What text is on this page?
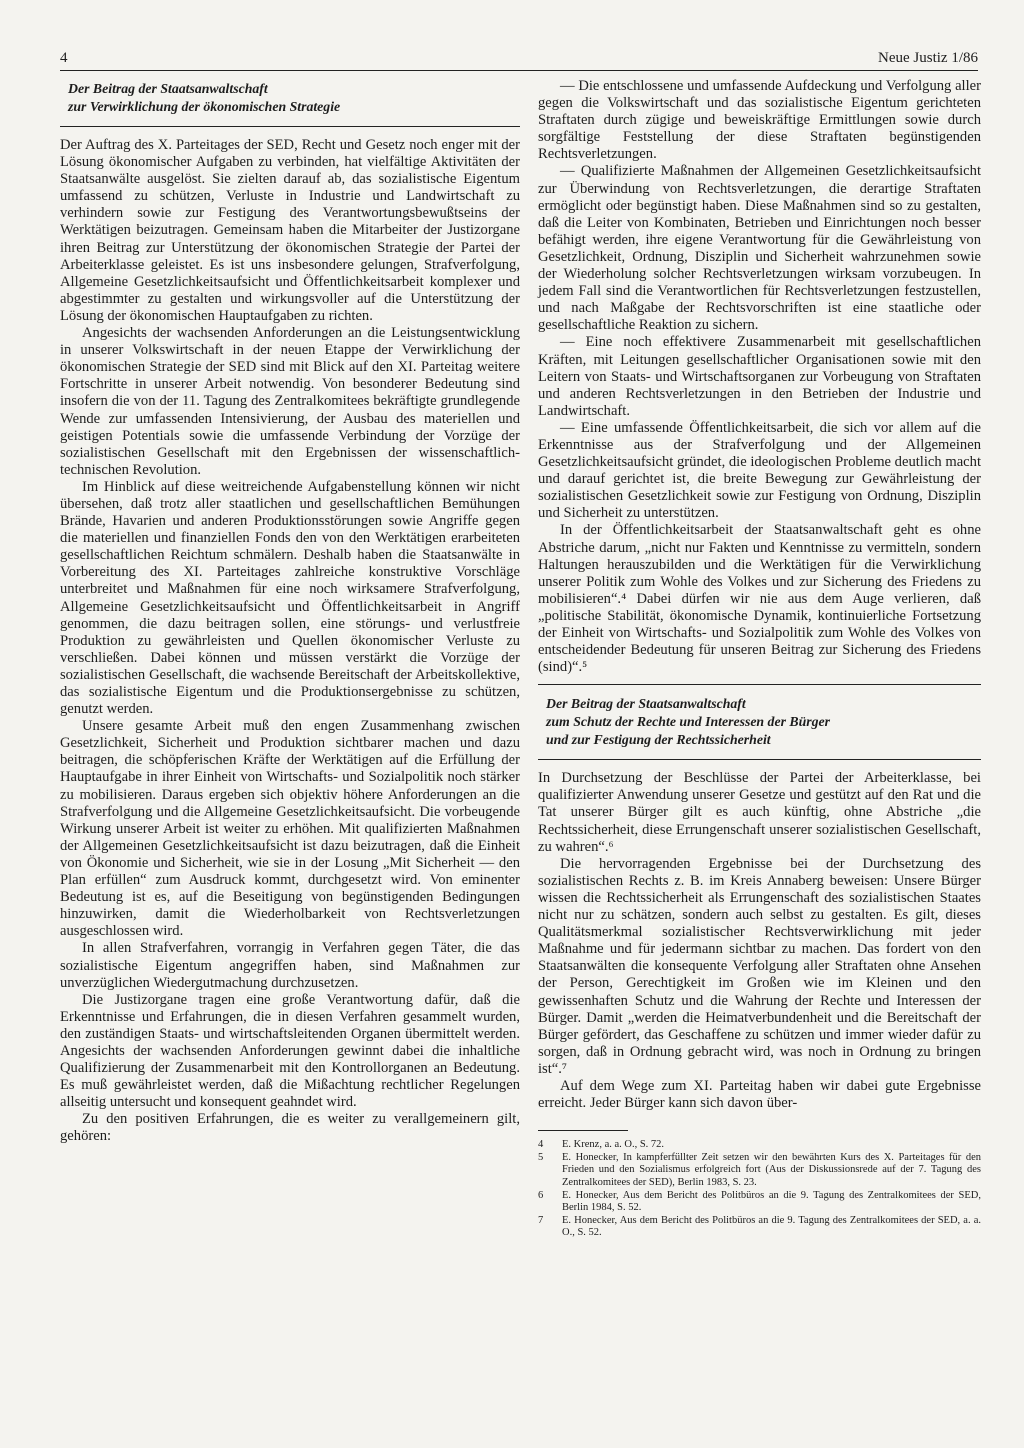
4	Neue Justiz 1/86
Der Beitrag der Staatsanwaltschaft
zur Verwirklichung der ökonomischen Strategie

Der Auftrag des X. Parteitages der SED, Recht und Gesetz noch enger mit der Lösung ökonomischer Aufgaben zu verbinden, hat vielfältige Aktivitäten der Staatsanwälte ausgelöst. Sie zielten darauf ab, das sozialistische Eigentum umfassend zu schützen, Verluste in Industrie und Landwirtschaft zu verhindern sowie zur Festigung des Verantwortungsbewußtseins der Werktätigen beizutragen. Gemeinsam haben die Mitarbeiter der Justizorgane ihren Beitrag zur Unterstützung der ökonomischen Strategie der Partei der Arbeiterklasse geleistet. Es ist uns insbesondere gelungen, Strafverfolgung, Allgemeine Gesetzlichkeitsaufsicht und Öffentlichkeitsarbeit komplexer und abgestimmter zu gestalten und wirkungsvoller auf die Unterstützung der Lösung der ökonomischen Hauptaufgaben zu richten.

Angesichts der wachsenden Anforderungen an die Leistungsentwicklung in unserer Volkswirtschaft in der neuen Etappe der Verwirklichung der ökonomischen Strategie der SED sind mit Blick auf den XI. Parteitag weitere Fortschritte in unserer Arbeit notwendig. Von besonderer Bedeutung sind insofern die von der 11. Tagung des Zentralkomitees bekräftigte grundlegende Wende zur umfassenden Intensivierung, der Ausbau des materiellen und geistigen Potentials sowie die umfassende Verbindung der Vorzüge der sozialistischen Gesellschaft mit den Ergebnissen der wissenschaftlich-technischen Revolution.

Im Hinblick auf diese weitreichende Aufgabenstellung können wir nicht übersehen, daß trotz aller staatlichen und gesellschaftlichen Bemühungen Brände, Havarien und anderen Produktionsstörungen sowie Angriffe gegen die materiellen und finanziellen Fonds den von den Werktätigen erarbeiteten gesellschaftlichen Reichtum schmälern. Deshalb haben die Staatsanwälte in Vorbereitung des XI. Parteitages zahlreiche konstruktive Vorschläge unterbreitet und Maßnahmen für eine noch wirksamere Strafverfolgung, Allgemeine Gesetzlichkeitsaufsicht und Öffentlichkeitsarbeit in Angriff genommen, die dazu beitragen sollen, eine störungs- und verlustfreie Produktion zu gewährleisten und Quellen ökonomischer Verluste zu verschließen. Dabei können und müssen verstärkt die Vorzüge der sozialistischen Gesellschaft, die wachsende Bereitschaft der Arbeitskollektive, das sozialistische Eigentum und die Produktionsergebnisse zu schützen, genutzt werden.

Unsere gesamte Arbeit muß den engen Zusammenhang zwischen Gesetzlichkeit, Sicherheit und Produktion sichtbarer machen und dazu beitragen, die schöpferischen Kräfte der Werktätigen auf die Erfüllung der Hauptaufgabe in ihrer Einheit von Wirtschafts- und Sozialpolitik noch stärker zu mobilisieren. Daraus ergeben sich objektiv höhere Anforderungen an die Strafverfolgung und die Allgemeine Gesetzlichkeitsaufsicht. Die vorbeugende Wirkung unserer Arbeit ist weiter zu erhöhen. Mit qualifizierten Maßnahmen der Allgemeinen Gesetzlichkeitsaufsicht ist dazu beizutragen, daß die Einheit von Ökonomie und Sicherheit, wie sie in der Losung „Mit Sicherheit — den Plan erfüllen“ zum Ausdruck kommt, durchgesetzt wird. Von eminenter Bedeutung ist es, auf die Beseitigung von begünstigenden Bedingungen hinzuwirken, damit die Wiederholbarkeit von Rechtsverletzungen ausgeschlossen wird.

In allen Strafverfahren, vorrangig in Verfahren gegen Täter, die das sozialistische Eigentum angegriffen haben, sind Maßnahmen zur unverzüglichen Wiedergutmachung durchzusetzen.

Die Justizorgane tragen eine große Verantwortung dafür, daß die Erkenntnisse und Erfahrungen, die in diesen Verfahren gesammelt wurden, den zuständigen Staats- und wirtschaftsleitenden Organen übermittelt werden. Angesichts der wachsenden Anforderungen gewinnt dabei die inhaltliche Qualifizierung der Zusammenarbeit mit den Kontrollorganen an Bedeutung. Es muß gewährleistet werden, daß die Mißachtung rechtlicher Regelungen allseitig untersucht und konsequent geahndet wird.

Zu den positiven Erfahrungen, die es weiter zu verallgemeinern gilt, gehören:

— Die entschlossene und umfassende Aufdeckung und Verfolgung aller gegen die Volkswirtschaft und das sozialistische Eigentum gerichteten Straftaten durch zügige und beweiskräftige Ermittlungen sowie durch sorgfältige Feststellung der diese Straftaten begünstigenden Rechtsverletzungen.

— Qualifizierte Maßnahmen der Allgemeinen Gesetzlichkeitsaufsicht zur Überwindung von Rechtsverletzungen, die derartige Straftaten ermöglicht oder begünstigt haben. Diese Maßnahmen sind so zu gestalten, daß die Leiter von Kombinaten, Betrieben und Einrichtungen noch besser befähigt werden, ihre eigene Verantwortung für die Gewährleistung von Gesetzlichkeit, Ordnung, Disziplin und Sicherheit wahrzunehmen sowie der Wiederholung solcher Rechtsverletzungen wirksam vorzubeugen. In jedem Fall sind die Verantwortlichen für Rechtsverletzungen festzustellen, und nach Maßgabe der Rechtsvorschriften ist eine staatliche oder gesellschaftliche Reaktion zu sichern.

— Eine noch effektivere Zusammenarbeit mit gesellschaftlichen Kräften, mit Leitungen gesellschaftlicher Organisationen sowie mit den Leitern von Staats- und Wirtschaftsorganen zur Vorbeugung von Straftaten und anderen Rechtsverletzungen in den Betrieben der Industrie und Landwirtschaft.

— Eine umfassende Öffentlichkeitsarbeit, die sich vor allem auf die Erkenntnisse aus der Strafverfolgung und der Allgemeinen Gesetzlichkeitsaufsicht gründet, die ideologischen Probleme deutlich macht und darauf gerichtet ist, die breite Bewegung zur Gewährleistung der sozialistischen Gesetzlichkeit sowie zur Festigung von Ordnung, Disziplin und Sicherheit zu unterstützen.

In der Öffentlichkeitsarbeit der Staatsanwaltschaft geht es ohne Abstriche darum, „nicht nur Fakten und Kenntnisse zu vermitteln, sondern Haltungen herauszubilden und die Werktätigen für die Verwirklichung unserer Politik zum Wohle des Volkes und zur Sicherung des Friedens zu mobilisieren“.⁴ Dabei dürfen wir nie aus dem Auge verlieren, daß „politische Stabilität, ökonomische Dynamik, kontinuierliche Fortsetzung der Einheit von Wirtschafts- und Sozialpolitik zum Wohle des Volkes von entscheidender Bedeutung für unseren Beitrag zur Sicherung des Friedens (sind)“.⁵

Der Beitrag der Staatsanwaltschaft
zum Schutz der Rechte und Interessen der Bürger
und zur Festigung der Rechtssicherheit

In Durchsetzung der Beschlüsse der Partei der Arbeiterklasse, bei qualifizierter Anwendung unserer Gesetze und gestützt auf den Rat und die Tat unserer Bürger gilt es auch künftig, ohne Abstriche „die Rechtssicherheit, diese Errungenschaft unserer sozialistischen Gesellschaft, zu wahren“.⁶

Die hervorragenden Ergebnisse bei der Durchsetzung des sozialistischen Rechts z. B. im Kreis Annaberg beweisen: Unsere Bürger wissen die Rechtssicherheit als Errungenschaft des sozialistischen Staates nicht nur zu schätzen, sondern auch selbst zu gestalten. Es gilt, dieses Qualitätsmerkmal sozialistischer Rechtsverwirklichung mit jeder Maßnahme und für jedermann sichtbar zu machen. Das fordert von den Staatsanwälten die konsequente Verfolgung aller Straftaten ohne Ansehen der Person, Gerechtigkeit im Großen wie im Kleinen und den gewissenhaften Schutz und die Wahrung der Rechte und Interessen der Bürger. Damit „werden die Heimatverbundenheit und die Bereitschaft der Bürger gefördert, das Geschaffene zu schützen und immer wieder dafür zu sorgen, daß in Ordnung gebracht wird, was noch in Ordnung zu bringen ist“.⁷

Auf dem Wege zum XI. Parteitag haben wir dabei gute Ergebnisse erreicht. Jeder Bürger kann sich davon über-

4	E. Krenz, a. a. O., S. 72.
5	E. Honecker, In kampferfüllter Zeit setzen wir den bewährten Kurs des X. Parteitages für den Frieden und den Sozialismus erfolgreich fort (Aus der Diskussionsrede auf der 7. Tagung des Zentralkomitees der SED), Berlin 1983, S. 23.
6	E. Honecker, Aus dem Bericht des Politbüros an die 9. Tagung des Zentralkomitees der SED, Berlin 1984, S. 52.
7	E. Honecker, Aus dem Bericht des Politbüros an die 9. Tagung des Zentralkomitees der SED, a. a. O., S. 52.
